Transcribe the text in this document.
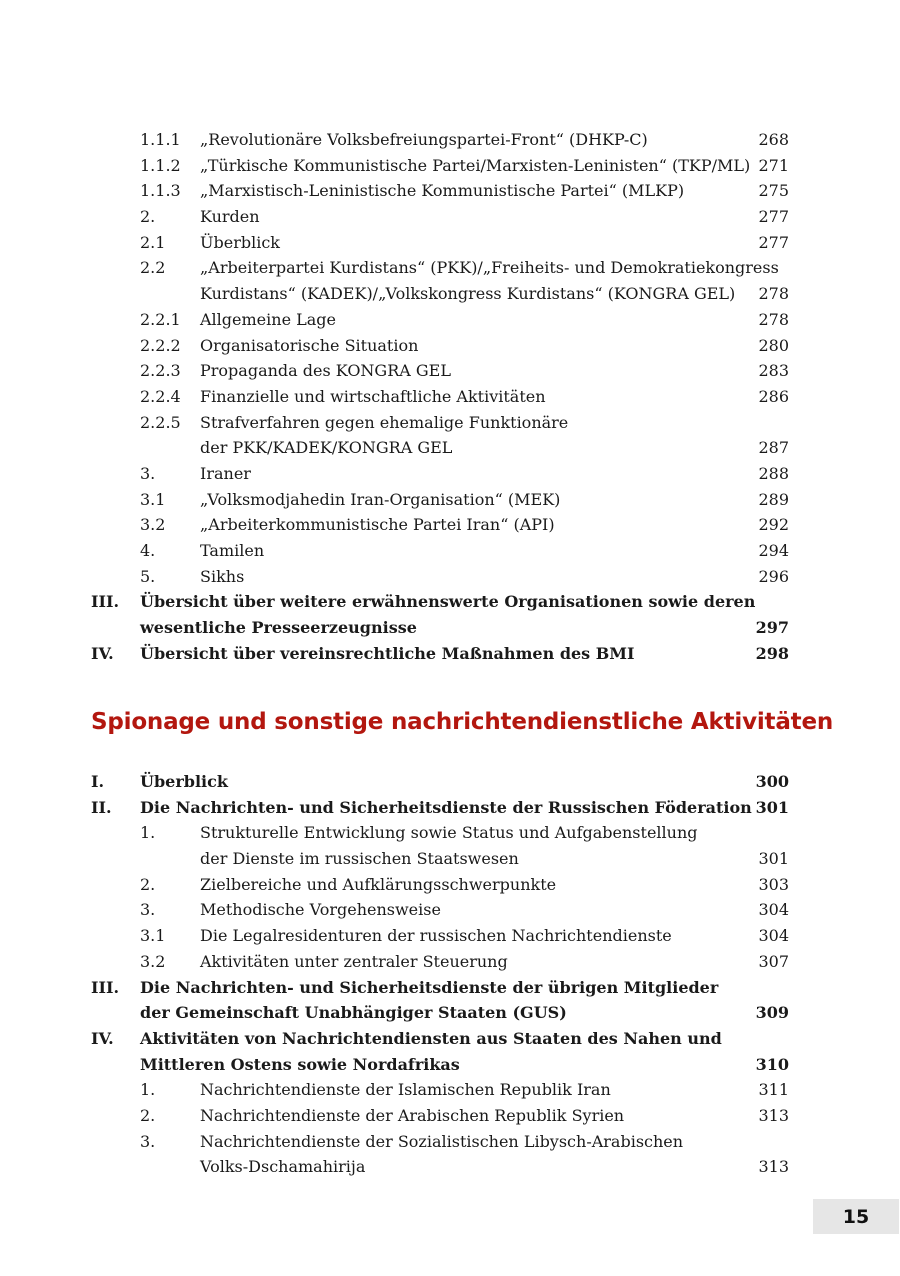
1.1.1 „Revolutionäre Volksbefreiungspartei-Front“ (DHKP-C)	268
1.1.2 „Türkische Kommunistische Partei/Marxisten-Leninisten“ (TKP/ML) 271
1.1.3 „Marxistisch-Leninistische Kommunistische Partei“ (MLKP)	275
2.	Kurden	277
2.1 Überblick	277
2.2 „Arbeiterpartei Kurdistans“ (PKK)/„Freiheits- und Demokratiekongress
Kurdistans“ (KADEK)/„Volkskongress Kurdistans“ (KONGRA GEL)	278
2.2.1 Allgemeine Lage	278
2.2.2 Organisatorische Situation	280
2.2.3 Propaganda des KONGRA GEL	283
2.2.4 Finanzielle und wirtschaftliche Aktivitäten	286
2.2.5 Strafverfahren gegen ehemalige Funktionäre
der PKK/KADEK/KONGRA GEL	287
3.	Iraner	288
3.1 „Volksmodjahedin Iran-Organisation“ (MEK)	289
3.2 „Arbeiterkommunistische Partei Iran“ (API)	292
4.	Tamilen	294
5.	Sikhs	296
III. Übersicht über weitere erwähnenswerte Organisationen sowie deren
wesentliche Presseerzeugnisse	297
IV. Übersicht über vereinsrechtliche Maßnahmen des BMI	298
Spionage und sonstige nachrichtendienstliche Aktivitäten
I. Überblick	300
II. Die Nachrichten- und Sicherheitsdienste der Russischen Föderation 301
1.	Strukturelle Entwicklung sowie Status und Aufgabenstellung
der Dienste im russischen Staatswesen	301
2.	Zielbereiche und Aufklärungsschwerpunkte	303
3.	Methodische Vorgehensweise	304
3.1 Die Legalresidenturen der russischen Nachrichtendienste	304
3.2 Aktivitäten unter zentraler Steuerung	307
III. Die Nachrichten- und Sicherheitsdienste der übrigen Mitglieder
der Gemeinschaft Unabhängiger Staaten (GUS)	309
IV. Aktivitäten von Nachrichtendiensten aus Staaten des Nahen und
Mittleren Ostens sowie Nordafrikas	310
1.	Nachrichtendienste der Islamischen Republik Iran	311
2.	Nachrichtendienste der Arabischen Republik Syrien	313
3.	Nachrichtendienste der Sozialistischen Libysch-Arabischen
Volks-Dschamahirija	313
15
